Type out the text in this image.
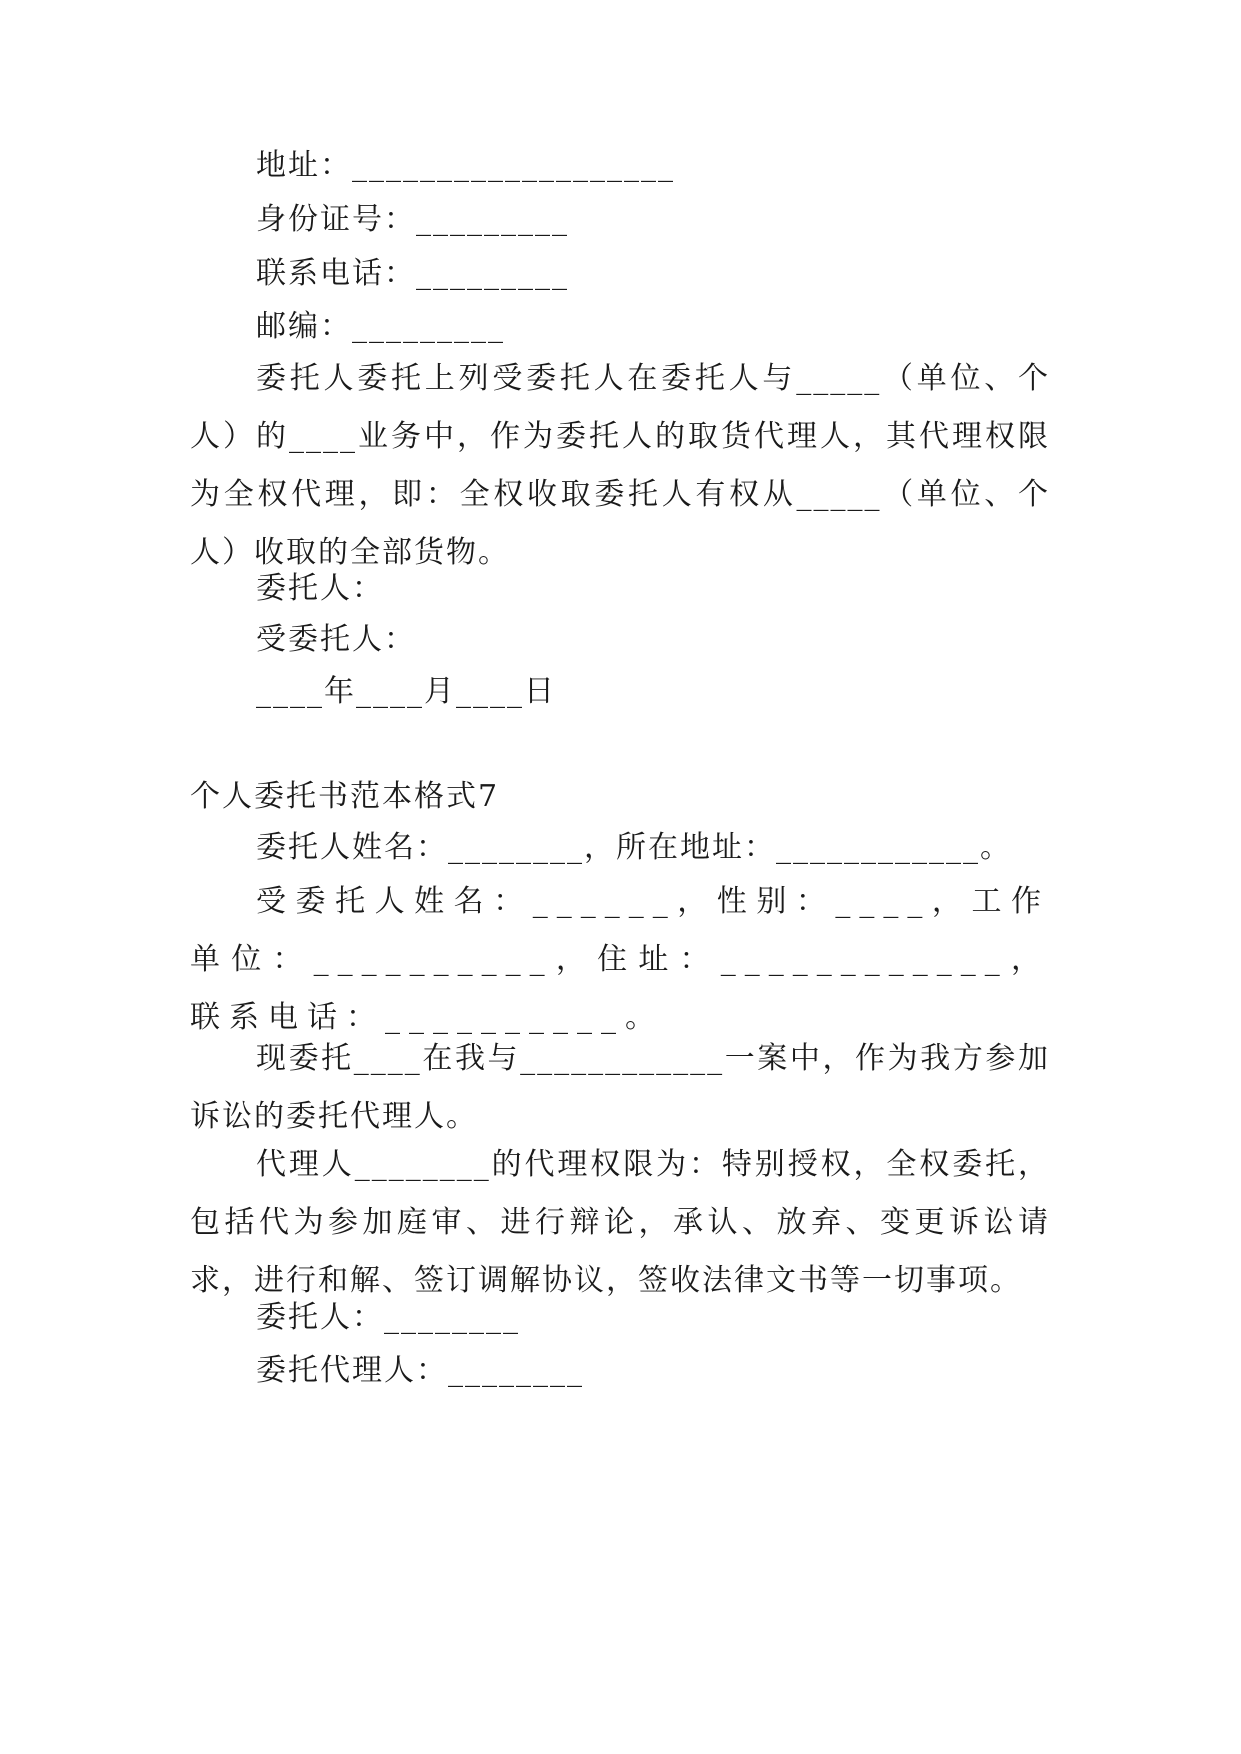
地址：___________________

身份证号：_________

联系电话：_________

邮编：_________

委托人委托上列受委托人在委托人与_____（单位、个人）的____业务中，作为委托人的取货代理人，其代理权限为全权代理，即：全权收取委托人有权从_____（单位、个人）收取的全部货物。

委托人：

受委托人：

____年____月____日

个人委托书范本格式7

委托人姓名：________，所在地址：____________。

受委托人姓名：______，性别：____，工作单位：__________，住址：____________，联系电话：__________。

现委托____在我与____________一案中，作为我方参加诉讼的委托代理人。

代理人________的代理权限为：特别授权，全权委托，包括代为参加庭审、进行辩论，承认、放弃、变更诉讼请求，进行和解、签订调解协议，签收法律文书等一切事项。

委托人：________

委托代理人：________
